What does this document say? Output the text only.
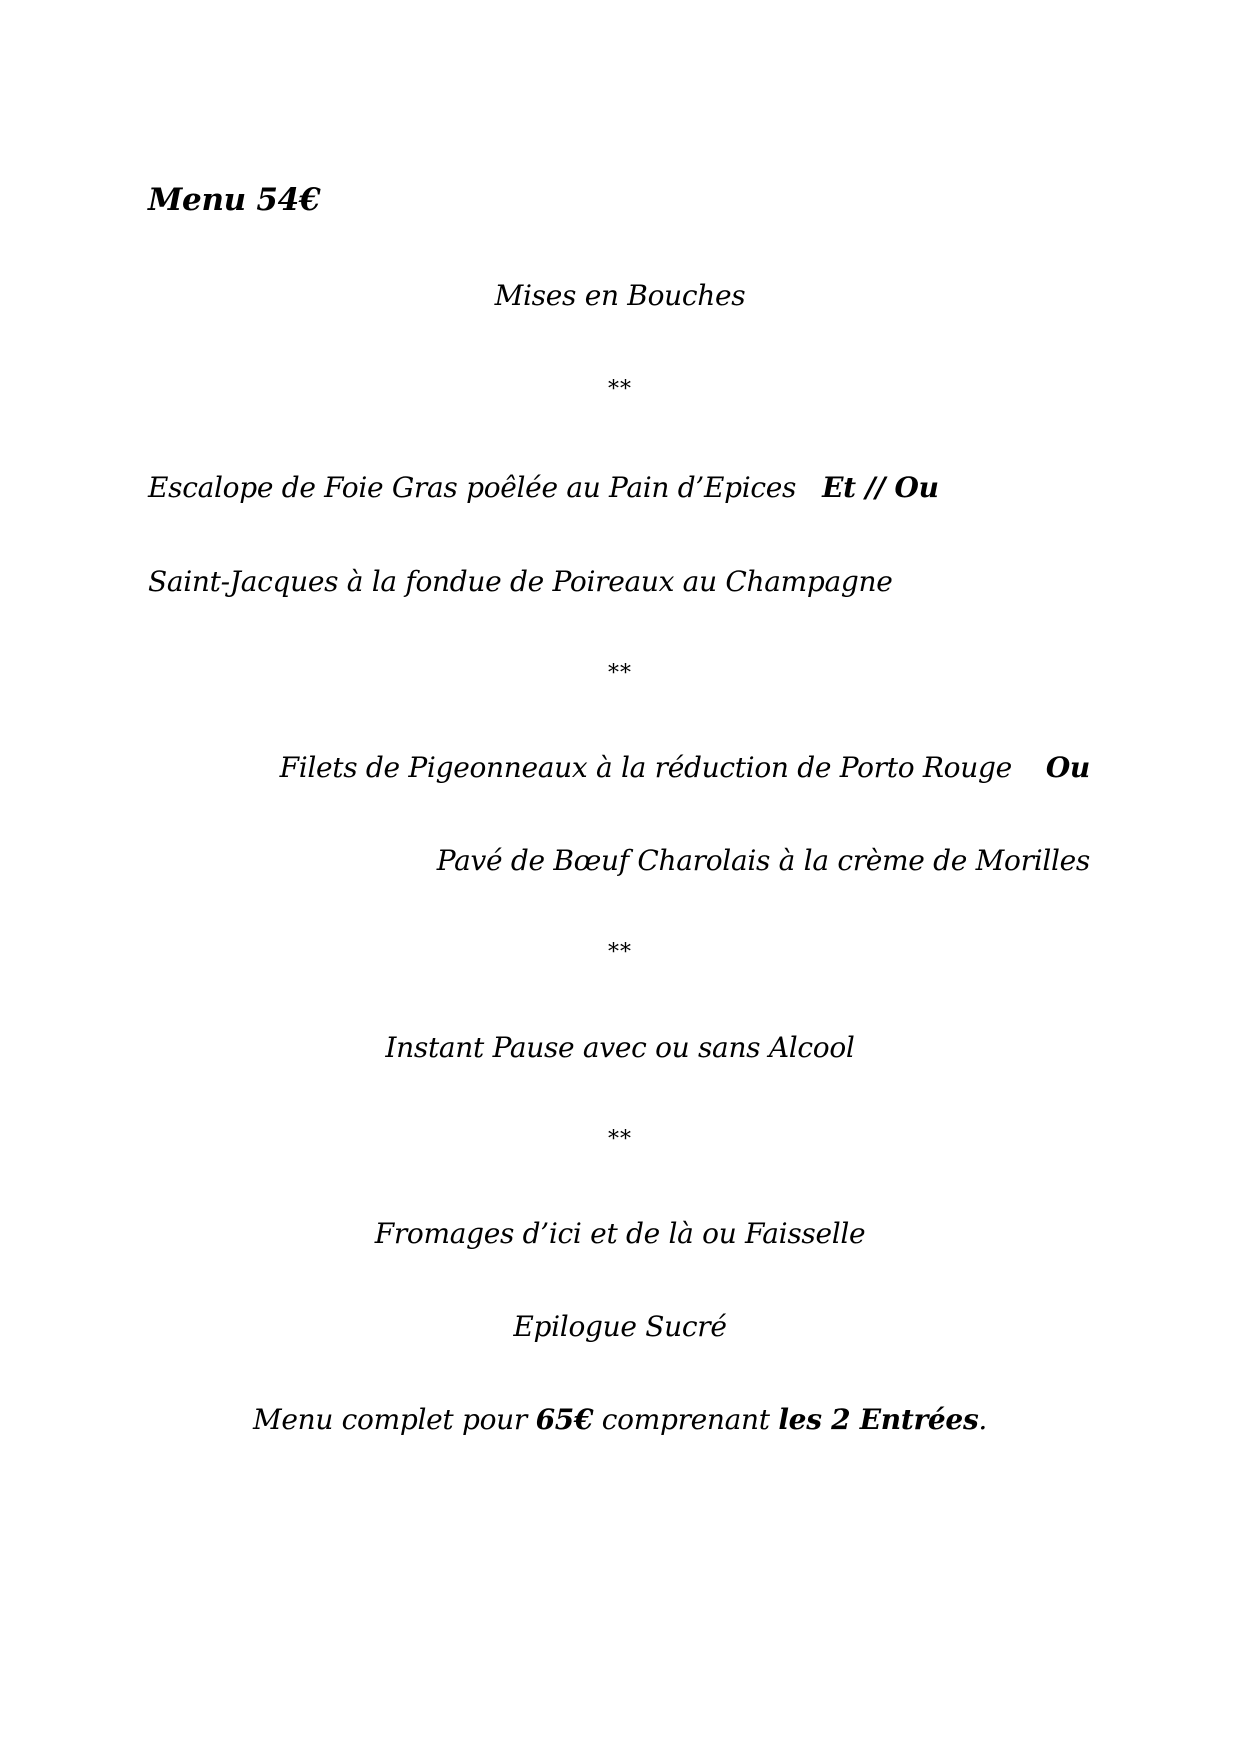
Menu 54€
Mises en Bouches
**
Escalope de Foie Gras poêlée au Pain d’Epices Et // Ou
Saint-Jacques à la fondue de Poireaux au Champagne
**
Filets de Pigeonneaux à la réduction de Porto Rouge Ou
Pavé de Bœuf Charolais à la crème de Morilles
**
Instant Pause avec ou sans Alcool
**
Fromages d’ici et de là ou Faisselle
Epilogue Sucré
Menu complet pour 65€ comprenant les 2 Entrées.
